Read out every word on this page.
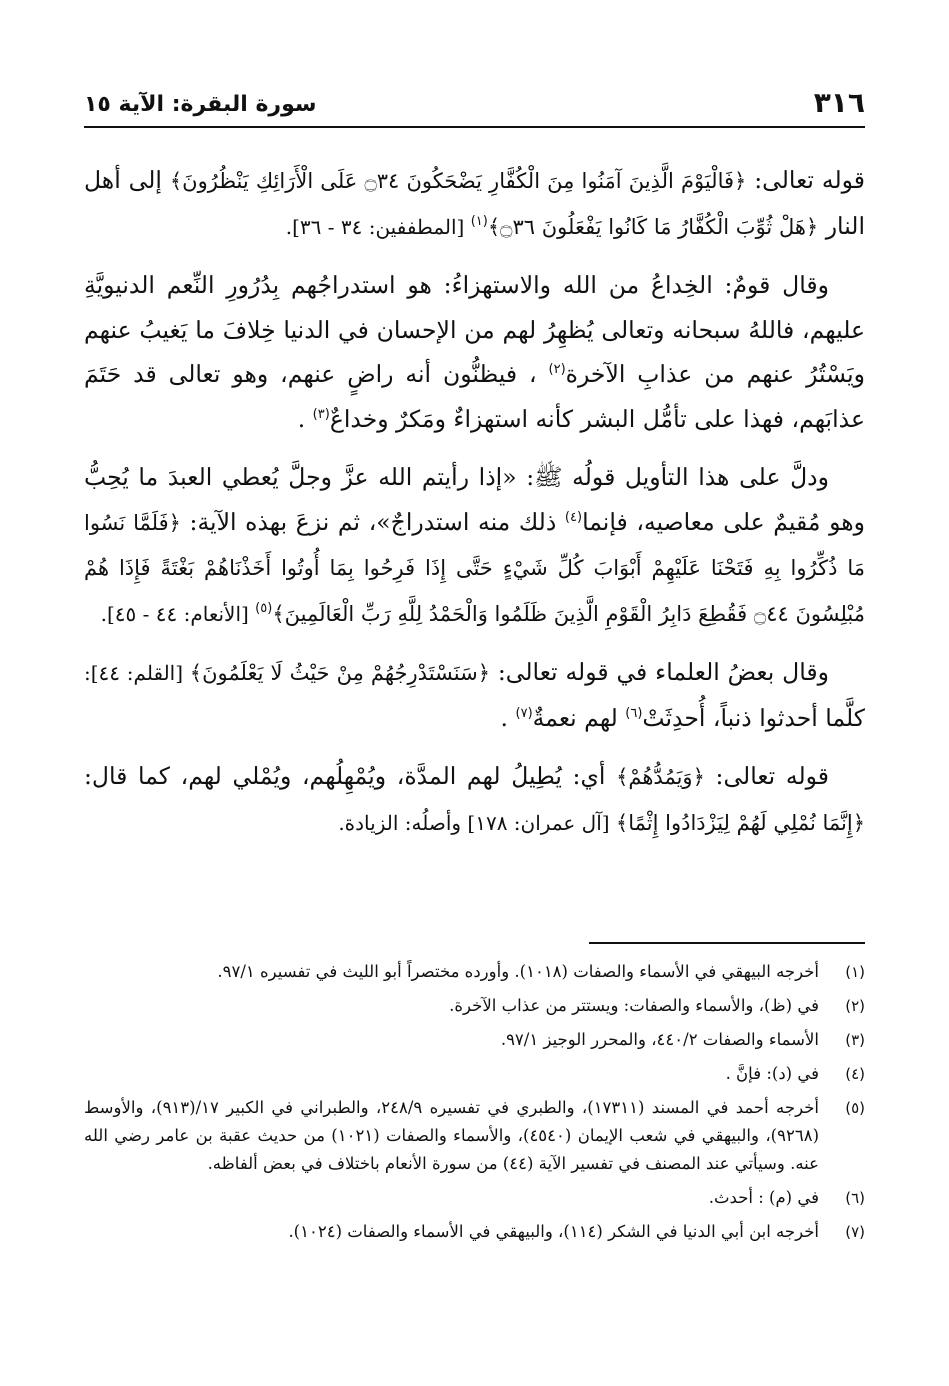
٣١٦
سورة البقرة: الآية ١٥

قوله تعالى: ﴿فَالْيَوْمَ الَّذِينَ آمَنُوا مِنَ الْكُفَّارِ يَضْحَكُونَ ۝٣٤ عَلَى الْأَرَائِكِ يَنْظُرُونَ﴾ إلى أهل النار ﴿هَلْ ثُوِّبَ الْكُفَّارُ مَا كَانُوا يَفْعَلُونَ ۝٣٦﴾$^{(١)}$ [المطففين: ٣٤ - ٣٦].

وقال قومٌ: الخِداعُ من الله والاستهزاءُ: هو استدراجُهم بِدُرُورِ النِّعم الدنيويَّةِ عليهم، فاللهُ سبحانه وتعالى يُظهِرُ لهم من الإحسان في الدنيا خِلافَ ما يَغيبُ عنهم ويَسْتُرُ عنهم من عذابِ الآخرة$^{(٢)}$ ، فيظنُّون أنه راضٍ عنهم، وهو تعالى قد حَتَمَ عذابَهم، فهذا على تأمُّل البشر كأنه استهزاءٌ ومَكرٌ وخداعٌ$^{(٣)}$ .

ودلَّ على هذا التأويل قولُه ﷺ: «إذا رأيتم الله عزَّ وجلَّ يُعطي العبدَ ما يُحِبُّ وهو مُقيمٌ على معاصيه، فإنما$^{(٤)}$ ذلك منه استدراجٌ»، ثم نزعَ بهذه الآية: ﴿فَلَمَّا نَسُوا مَا ذُكِّرُوا بِهِ فَتَحْنَا عَلَيْهِمْ أَبْوَابَ كُلِّ شَيْءٍ حَتَّى إِذَا فَرِحُوا بِمَا أُوتُوا أَخَذْنَاهُمْ بَغْتَةً فَإِذَا هُمْ مُبْلِسُونَ ۝٤٤ فَقُطِعَ دَابِرُ الْقَوْمِ الَّذِينَ ظَلَمُوا وَالْحَمْدُ لِلَّهِ رَبِّ الْعَالَمِينَ﴾$^{(٥)}$ [الأنعام: ٤٤ - ٤٥].

وقال بعضُ العلماء في قوله تعالى: ﴿سَنَسْتَدْرِجُهُمْ مِنْ حَيْثُ لَا يَعْلَمُونَ﴾ [القلم: ٤٤]: كلَّما أحدثوا ذنباً، أُحدِثَتْ$^{(٦)}$ لهم نعمةٌ$^{(٧)}$ .

قوله تعالى: ﴿وَيَمُدُّهُمْ﴾ أي: يُطِيلُ لهم المدَّة، ويُمْهِلُهم، ويُمْلي لهم، كما قال: ﴿إِنَّمَا نُمْلِي لَهُمْ لِيَزْدَادُوا إِثْمًا﴾ [آل عمران: ١٧٨] وأصلُه: الزيادة.

(١)
أخرجه البيهقي في الأسماء والصفات (١٠١٨). وأورده مختصراً أبو الليث في تفسيره ٩٧/١.
(٢)
في (ظ)، والأسماء والصفات: ويستتر من عذاب الآخرة.
(٣)
الأسماء والصفات ٤٤٠/٢، والمحرر الوجيز ٩٧/١.
(٤)
في (د): فإنَّ .
(٥)
أخرجه أحمد في المسند (١٧٣١١)، والطبري في تفسيره ٢٤٨/٩، والطبراني في الكبير ١٧/(٩١٣)، والأوسط (٩٢٦٨)، والبيهقي في شعب الإيمان (٤٥٤٠)، والأسماء والصفات (١٠٢١) من حديث عقبة بن عامر رضي الله عنه. وسيأتي عند المصنف في تفسير الآية (٤٤) من سورة الأنعام باختلاف في بعض ألفاظه.
(٦)
في (م) : أحدث.
(٧)
أخرجه ابن أبي الدنيا في الشكر (١١٤)، والبيهقي في الأسماء والصفات (١٠٢٤).
